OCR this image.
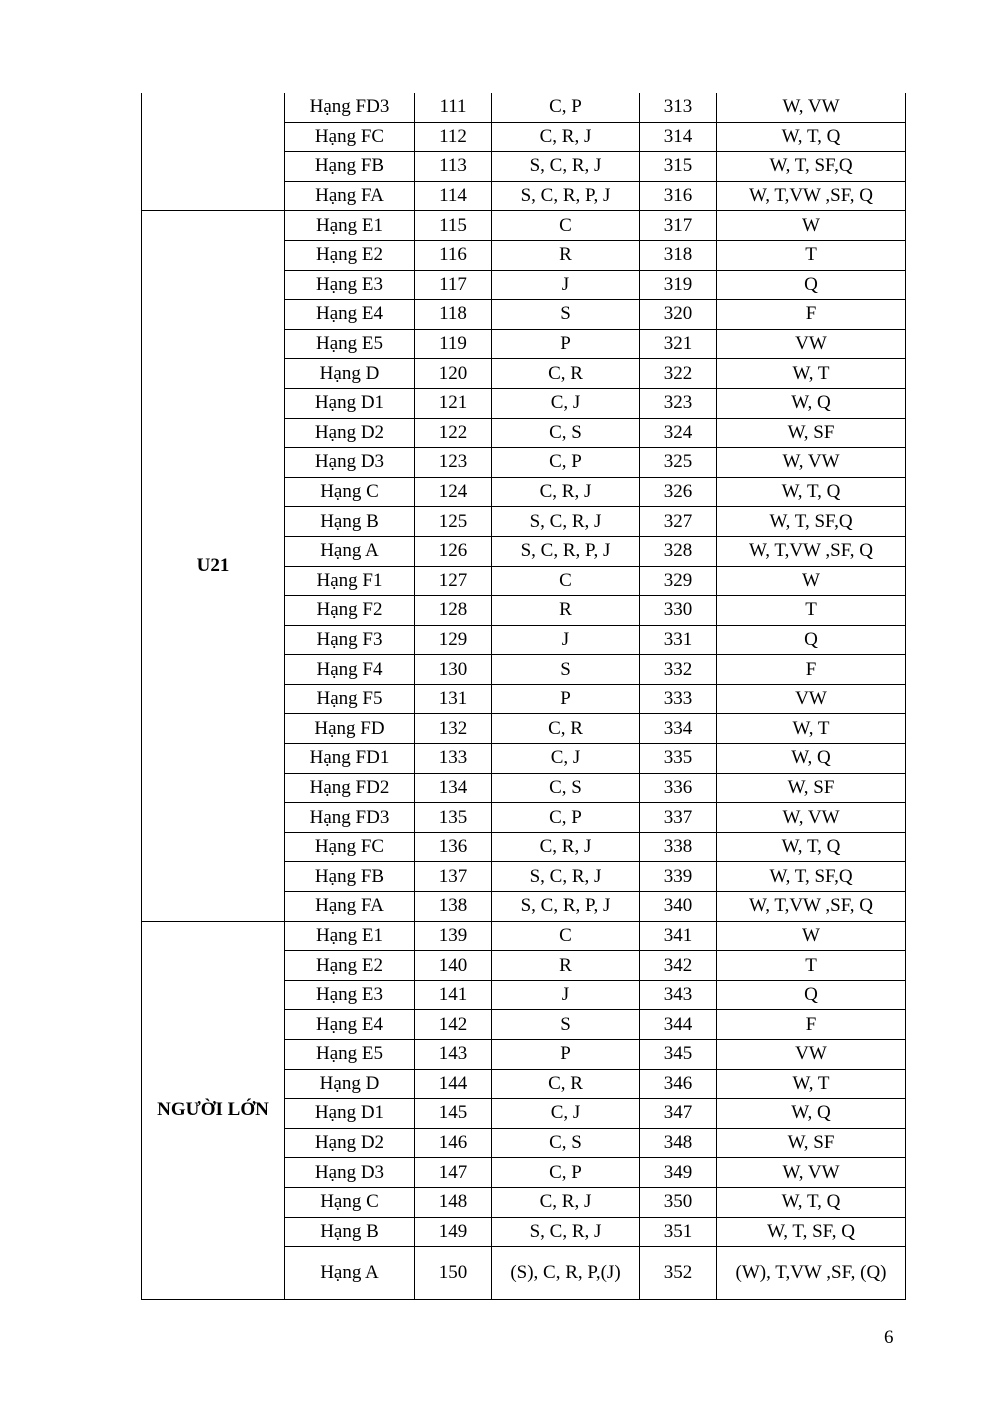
	Hạng FD3	111	C, P	313	W, VW
	Hạng FC	112	C, R, J	314	W, T, Q
	Hạng FB	113	S, C, R, J	315	W, T, SF,Q
	Hạng FA	114	S, C, R, P, J	316	W, T,VW ,SF, Q
U21	Hạng E1	115	C	317	W
	Hạng E2	116	R	318	T
	Hạng E3	117	J	319	Q
	Hạng E4	118	S	320	F
	Hạng E5	119	P	321	VW
	Hạng D	120	C, R	322	W, T
	Hạng D1	121	C, J	323	W, Q
	Hạng D2	122	C, S	324	W, SF
	Hạng D3	123	C, P	325	W, VW
	Hạng C	124	C, R, J	326	W, T, Q
	Hạng B	125	S, C, R, J	327	W, T, SF,Q
	Hạng A	126	S, C, R, P, J	328	W, T,VW ,SF, Q
	Hạng F1	127	C	329	W
	Hạng F2	128	R	330	T
	Hạng F3	129	J	331	Q
	Hạng F4	130	S	332	F
	Hạng F5	131	P	333	VW
	Hạng FD	132	C, R	334	W, T
	Hạng FD1	133	C, J	335	W, Q
	Hạng FD2	134	C, S	336	W, SF
	Hạng FD3	135	C, P	337	W, VW
	Hạng FC	136	C, R, J	338	W, T, Q
	Hạng FB	137	S, C, R, J	339	W, T, SF,Q
	Hạng FA	138	S, C, R, P, J	340	W, T,VW ,SF, Q
NGƯỜI LỚN	Hạng E1	139	C	341	W
	Hạng E2	140	R	342	T
	Hạng E3	141	J	343	Q
	Hạng E4	142	S	344	F
	Hạng E5	143	P	345	VW
	Hạng D	144	C, R	346	W, T
	Hạng D1	145	C, J	347	W, Q
	Hạng D2	146	C, S	348	W, SF
	Hạng D3	147	C, P	349	W, VW
	Hạng C	148	C, R, J	350	W, T, Q
	Hạng B	149	S, C, R, J	351	W, T, SF, Q
	Hạng A	150	(S), C, R, P,(J)	352	(W), T,VW ,SF, (Q)
6
